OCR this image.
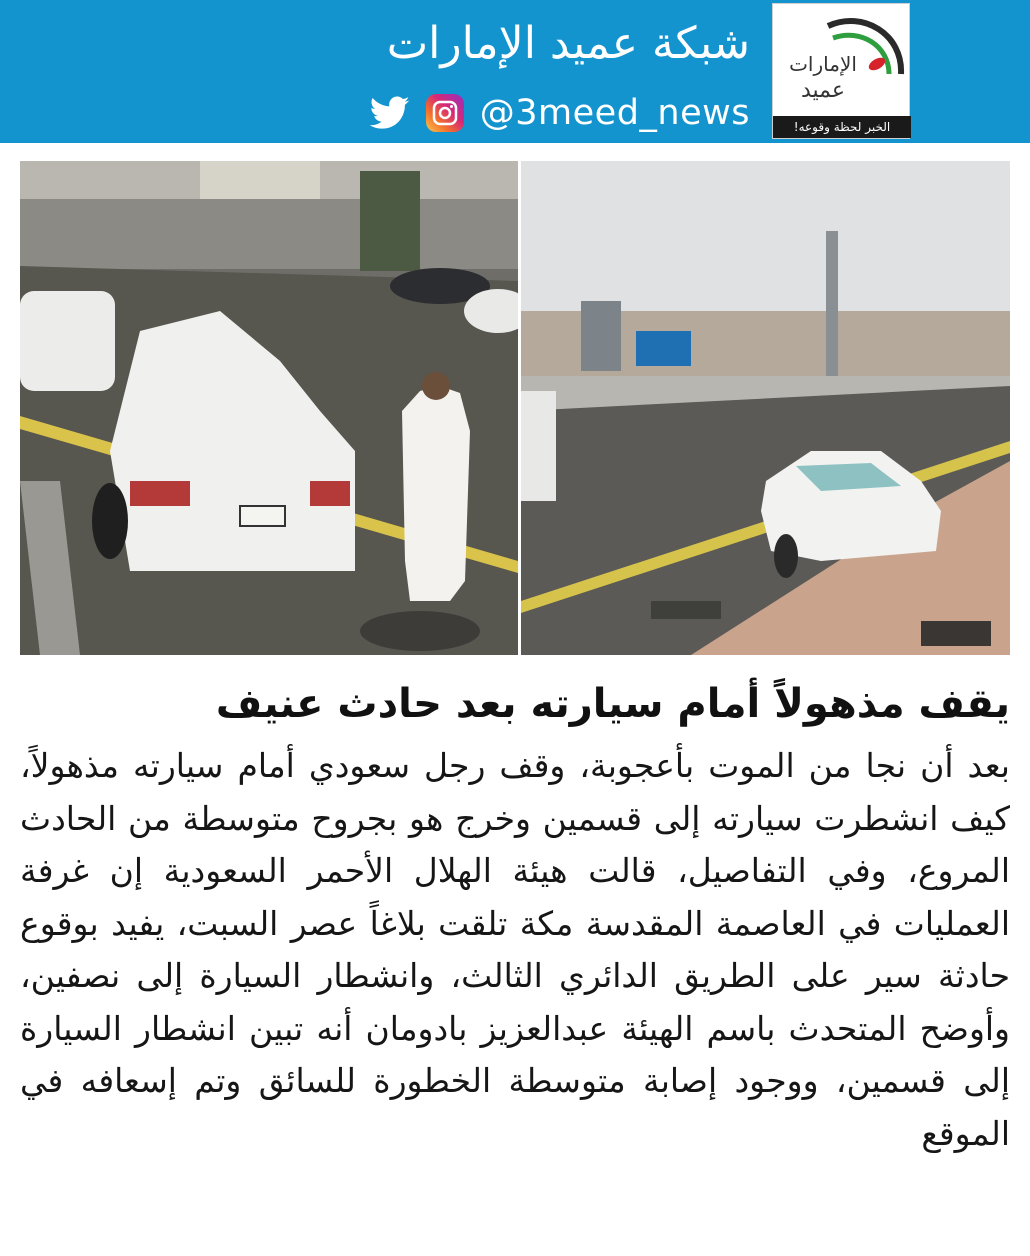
شبكة عميد الإمارات
@3meed_news
الإمارات
عميد
الخبر لحظة وقوعه!
يقف مذهولاً أمام سيارته بعد حادث عنيف

بعد أن نجا من الموت بأعجوبة، وقف رجل سعودي أمام سيارته مذهولاً، كيف انشطرت سيارته إلى قسمين وخرج هو بجروح متوسطة من الحادث المروع، وفي التفاصيل، قالت هيئة الهلال الأحمر السعودية إن غرفة العمليات في العاصمة المقدسة مكة تلقت بلاغاً عصر السبت، يفيد بوقوع حادثة سير على الطريق الدائري الثالث، وانشطار السيارة إلى نصفين، وأوضح المتحدث باسم الهيئة عبدالعزيز بادومان أنه تبين انشطار السيارة إلى قسمين، ووجود إصابة متوسطة الخطورة للسائق وتم إسعافه في الموقع
